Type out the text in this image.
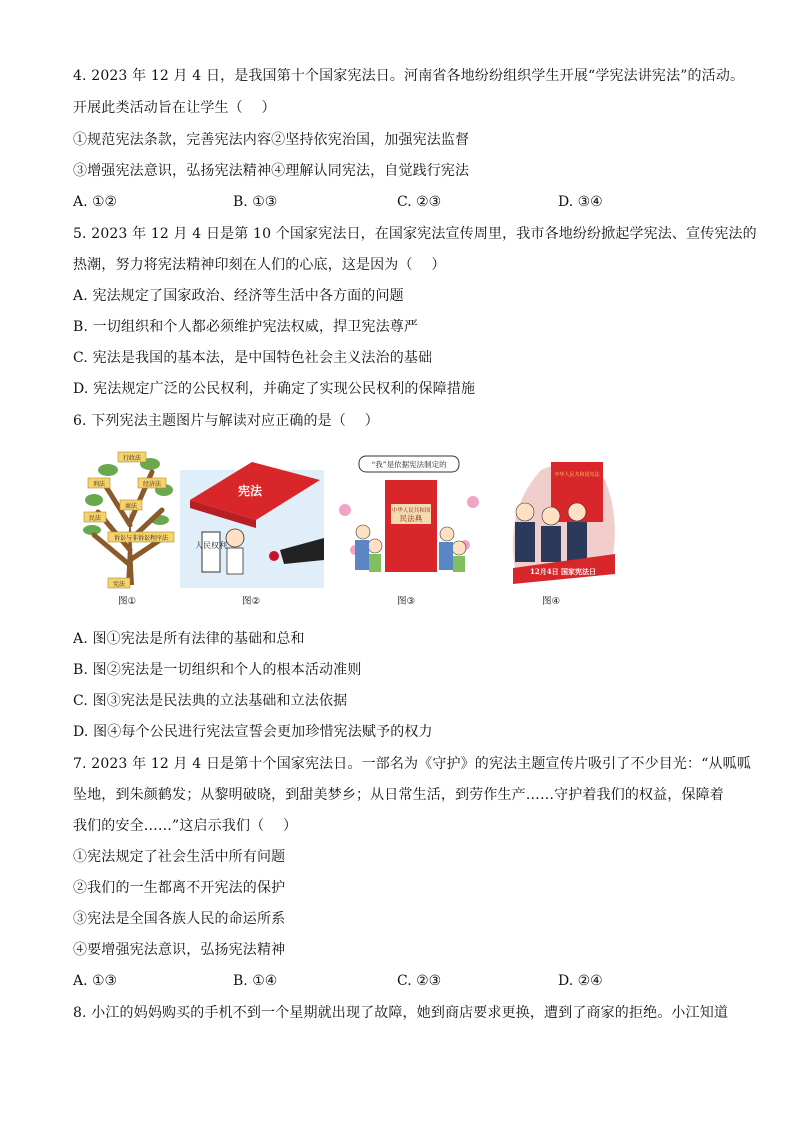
4. 2023 年 12 月 4 日，是我国第十个国家宪法日。河南省各地纷纷组织学生开展“学宪法讲宪法”的活动。
开展此类活动旨在让学生（　 ）
①规范宪法条款，完善宪法内容②坚持依宪治国，加强宪法监督
③增强宪法意识，弘扬宪法精神④理解认同宪法，自觉践行宪法
A. ①②	B. ①③	C. ②③	D. ③④
5. 2023 年 12 月 4 日是第 10 个国家宪法日，在国家宪法宣传周里，我市各地纷纷掀起学宪法、宣传宪法的
热潮，努力将宪法精神印刻在人们的心底，这是因为（　 ）
A. 宪法规定了国家政治、经济等生活中各方面的问题
B. 一切组织和个人都必须维护宪法权威，捍卫宪法尊严
C. 宪法是我国的基本法，是中国特色社会主义法治的基础
D. 宪法规定广泛的公民权利，并确定了实现公民权利的保障措施
6. 下列宪法主题图片与解读对应正确的是（　 ）
行政法
刑法	经济法
商法
民法
诉讼与非诉讼程序法
宪法
宪法
人民权利
“我”是依据宪法制定的
中华人民共和国
民法典
中华人民共和国宪法
12月4日 国家宪法日
图①	图②	图③	图④
A. 图①宪法是所有法律的基础和总和
B. 图②宪法是一切组织和个人的根本活动准则
C. 图③宪法是民法典的立法基础和立法依据
D. 图④每个公民进行宪法宣誓会更加珍惜宪法赋予的权力
7. 2023 年 12 月 4 日是第十个国家宪法日。一部名为《守护》的宪法主题宣传片吸引了不少目光：“从呱呱
坠地，到朱颜鹤发；从黎明破晓，到甜美梦乡；从日常生活，到劳作生产……守护着我们的权益，保障着
我们的安全……”这启示我们（　 ）
①宪法规定了社会生活中所有问题
②我们的一生都离不开宪法的保护
③宪法是全国各族人民的命运所系
④要增强宪法意识，弘扬宪法精神
A. ①③	B. ①④	C. ②③	D. ②④
8. 小江的妈妈购买的手机不到一个星期就出现了故障，她到商店要求更换，遭到了商家的拒绝。小江知道
